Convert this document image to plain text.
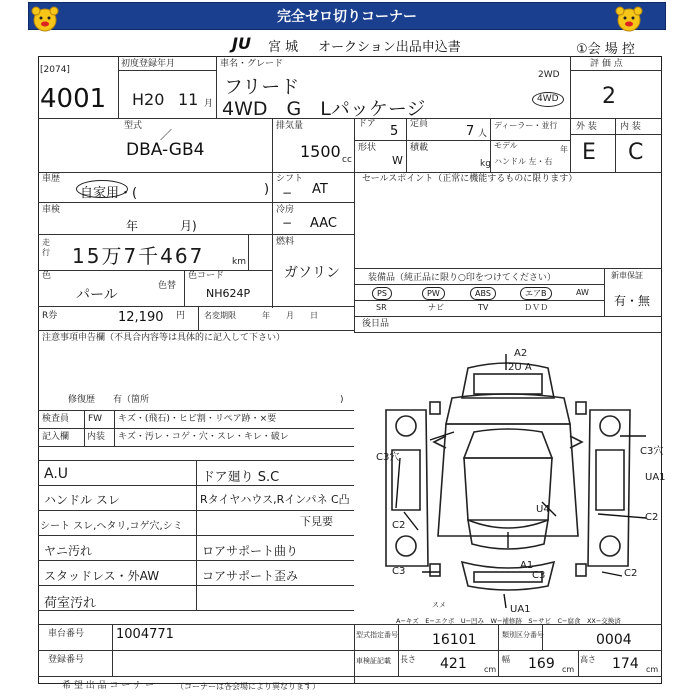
完全ゼロ切りコーナー
JU 宮 城 オークション出品申込書	①会 場 控
[2074]
4001
初度登録年月
H20 11 月
車名・グレード
フリード
4WD　G　Lパッケージ
2WD
4WD
評 価 点
2
型式
／
DBA-GB4
排気量
1500 cc
ドア 5 定員	7 人
形状
W
積載
kg
ディーラー・並行
モデル	年
ハンドル 左・右
外 装	内 装
E C
車歴
自家用・(	)
シフト
− AT
車検
年	月)
冷房
− AAC
走行 15万7千467	km
燃料
ガソリン
色
パール
色替
色コード
NH624P
R券	12,190 円 名変期限	年　　月　　日
注意事項申告欄（不具合内容等は具体的に記入して下さい）
修復歴　　有（箇所	)
検査員
記入欄
FW キズ・(飛石)・ヒビ割・リペア跡・×要
内装 キズ・汚レ・コゲ・穴・スレ・キレ・破レ
A.U	ドア廻り S.C
ハンドル スレ	Rタイヤハウス,Rインパネ C凸
シート スレ,ヘタリ,コゲ穴,シミ	下見要
ヤニ汚れ	ロアサポート曲り
スタッドレス・外AW	コアサポート歪み
荷室汚れ
セールスポイント（正常に機能するものに限ります）
装備品（純正品に限り○印をつけてください）	新車保証
有・無
PS	PW	ABS	エアB	AW
SR	ナビ	TV	ＤＶＤ
後日品
A2
2U A
C3穴
C3穴
UA1
C2
C2
U4
C3
A1
C3	C2
UA1
スメ
A−キズ　E−エクボ　U−凹み　W−補修跡　S−サビ　C−腐食　XX−交換済
車台番号 1004771
登録番号
型式指定番号 16101	類別区分番号	0004
車検証記載 長さ 421 cm
幅 169 cm
高さ 174 cm
希 望 出 品 コ ー ナ ー	（コーナーは各会場により異なります）
